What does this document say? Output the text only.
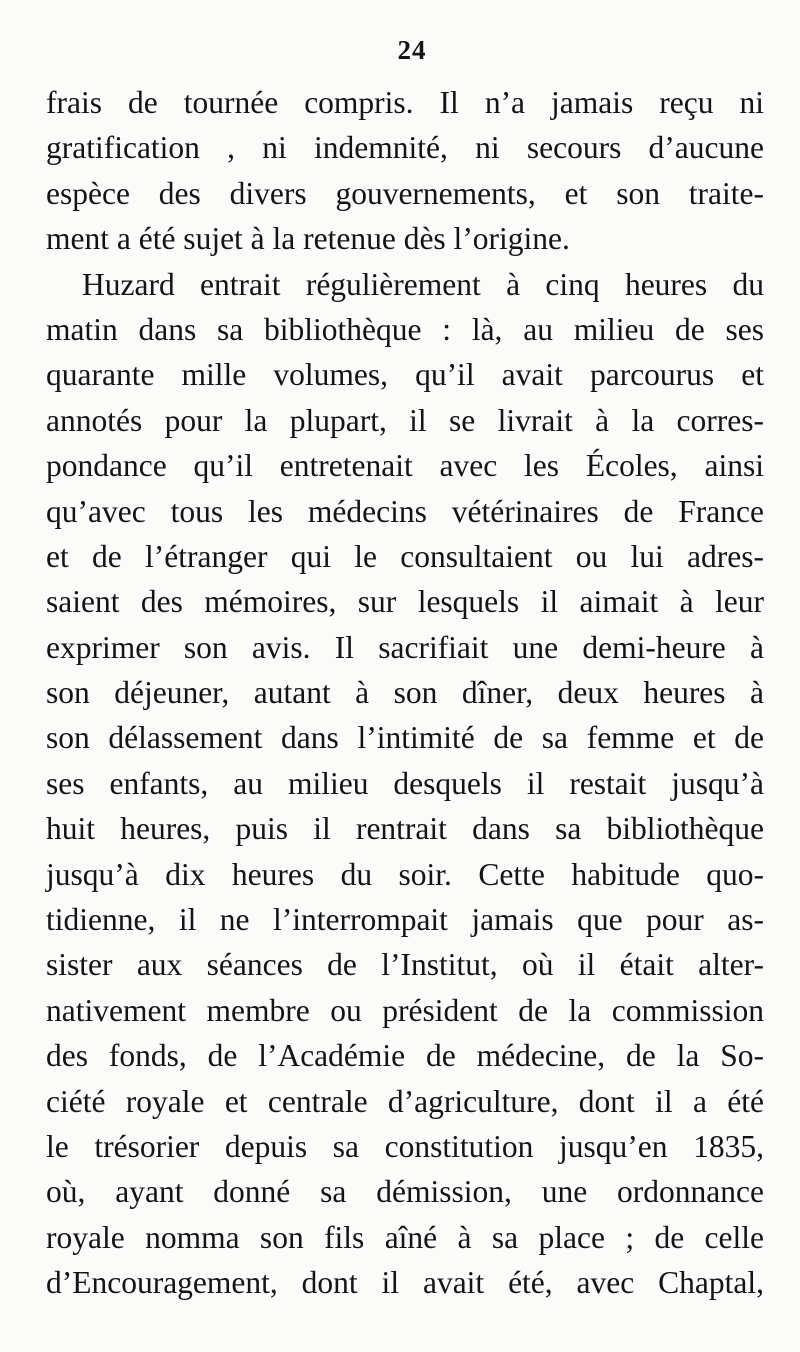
24
frais de tournée compris. Il n’a jamais reçu ni
gratification , ni indemnité, ni secours d’aucune
espèce des divers gouvernements, et son traite-
ment a été sujet à la retenue dès l’origine.
Huzard entrait régulièrement à cinq heures du
matin dans sa bibliothèque : là, au milieu de ses
quarante mille volumes, qu’il avait parcourus et
annotés pour la plupart, il se livrait à la corres-
pondance qu’il entretenait avec les Écoles, ainsi
qu’avec tous les médecins vétérinaires de France
et de l’étranger qui le consultaient ou lui adres-
saient des mémoires, sur lesquels il aimait à leur
exprimer son avis. Il sacrifiait une demi-heure à
son déjeuner, autant à son dîner, deux heures à
son délassement dans l’intimité de sa femme et de
ses enfants, au milieu desquels il restait jusqu’à
huit heures, puis il rentrait dans sa bibliothèque
jusqu’à dix heures du soir. Cette habitude quo-
tidienne, il ne l’interrompait jamais que pour as-
sister aux séances de l’Institut, où il était alter-
nativement membre ou président de la commission
des fonds, de l’Académie de médecine, de la So-
ciété royale et centrale d’agriculture, dont il a été
le trésorier depuis sa constitution jusqu’en 1835,
où, ayant donné sa démission, une ordonnance
royale nomma son fils aîné à sa place ; de celle
d’Encouragement, dont il avait été, avec Chaptal,
